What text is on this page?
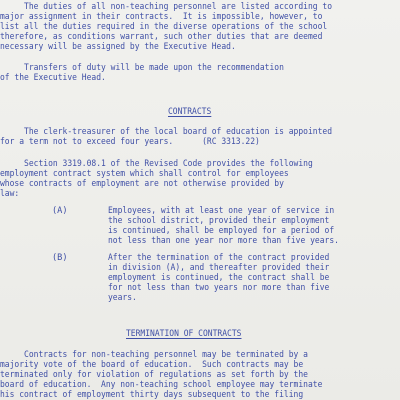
The duties of all non-teaching personnel are listed according to
major assignment in their contracts.  It is impossible, however, to
list all the duties required in the diverse operations of the school
therefore, as conditions warrant, such other duties that are deemed
necessary will be assigned by the Executive Head.
Transfers of duty will be made upon the recommendation
of the Executive Head.
CONTRACTS
The clerk-treasurer of the local board of education is appointed
for a term not to exceed four years.      (RC 3313.22)
Section 3319.08.1 of the Revised Code provides the following
employment contract system which shall control for employees
whose contracts of employment are not otherwise provided by
law:
(A)	Employees, with at least one year of service in
the school district, provided their employment
is continued, shall be employed for a period of
not less than one year nor more than five years.
(B)	After the termination of the contract provided
in division (A), and thereafter provided their
employment is continued, the contract shall be
for not less than two years nor more than five
years.
TERMINATION OF CONTRACTS
Contracts for non-teaching personnel may be terminated by a
majority vote of the board of education.  Such contracts may be
terminated only for violation of regulations as set forth by the
board of education.  Any non-teaching school employee may terminate
his contract of employment thirty days subsequent to the filing
